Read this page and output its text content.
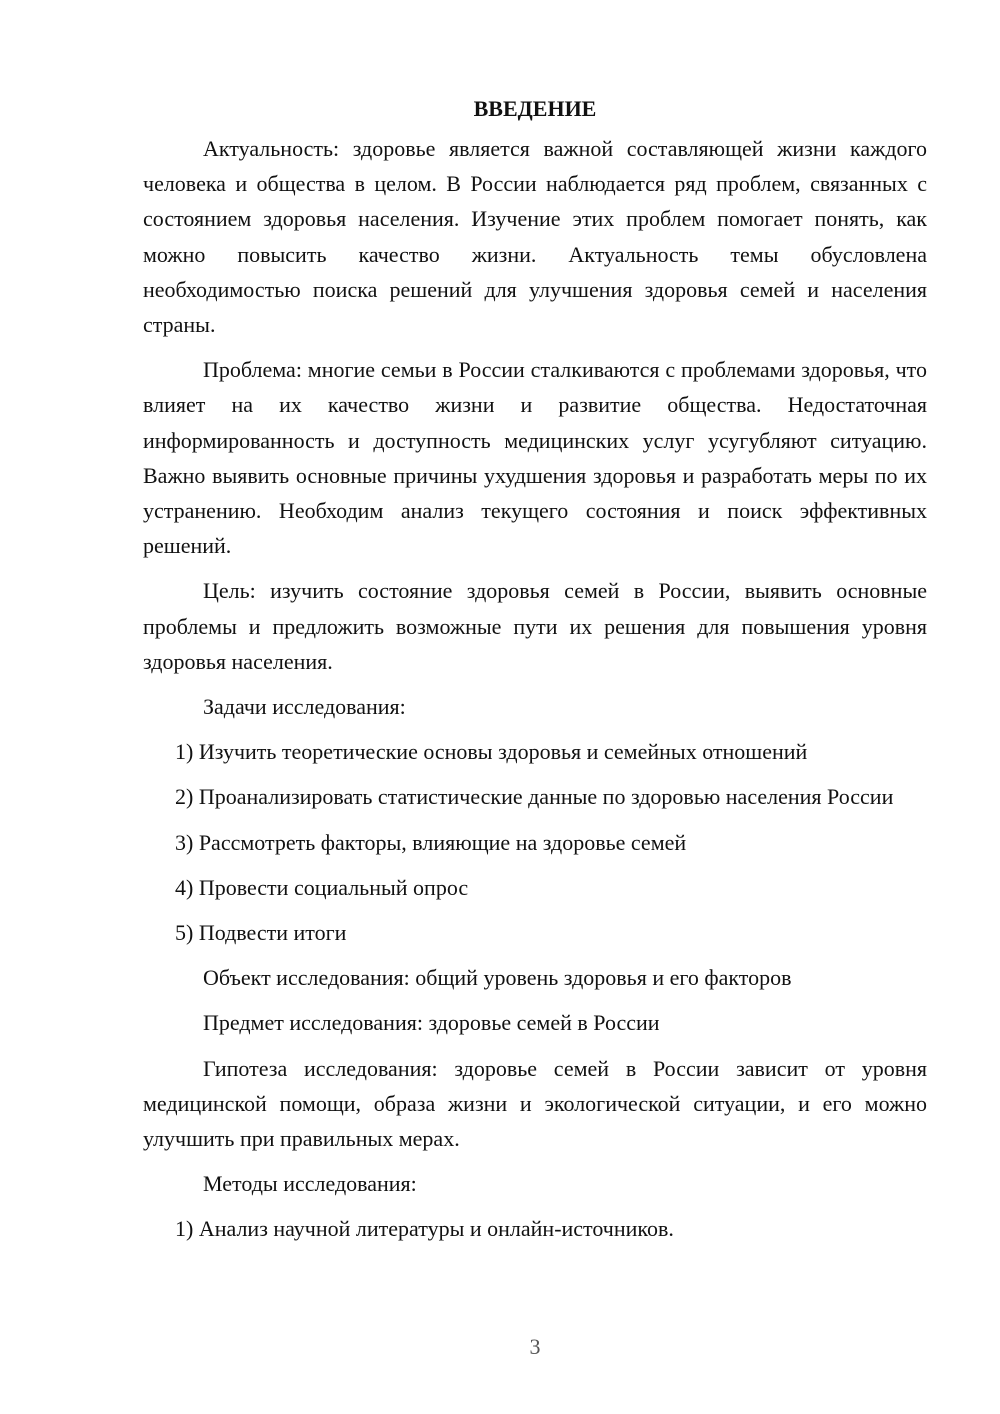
ВВЕДЕНИЕ

Актуальность: здоровье является важной составляющей жизни каждого человека и общества в целом. В России наблюдается ряд проблем, связанных с состоянием здоровья населения. Изучение этих проблем помогает понять, как можно повысить качество жизни. Актуальность темы обусловлена необходимостью поиска решений для улучшения здоровья семей и населения страны.

Проблема: многие семьи в России сталкиваются с проблемами здоровья, что влияет на их качество жизни и развитие общества. Недостаточная информированность и доступность медицинских услуг усугубляют ситуацию. Важно выявить основные причины ухудшения здоровья и разработать меры по их устранению. Необходим анализ текущего состояния и поиск эффективных решений.

Цель: изучить состояние здоровья семей в России, выявить основные проблемы и предложить возможные пути их решения для повышения уровня здоровья населения.

Задачи исследования:

1) Изучить теоретические основы здоровья и семейных отношений

2) Проанализировать статистические данные по здоровью населения России

3) Рассмотреть факторы, влияющие на здоровье семей

4) Провести социальный опрос

5) Подвести итоги

Объект исследования: общий уровень здоровья и его факторов

Предмет исследования: здоровье семей в России

Гипотеза исследования: здоровье семей в России зависит от уровня медицинской помощи, образа жизни и экологической ситуации, и его можно улучшить при правильных мерах.

Методы исследования:

1) Анализ научной литературы и онлайн-источников.

3
